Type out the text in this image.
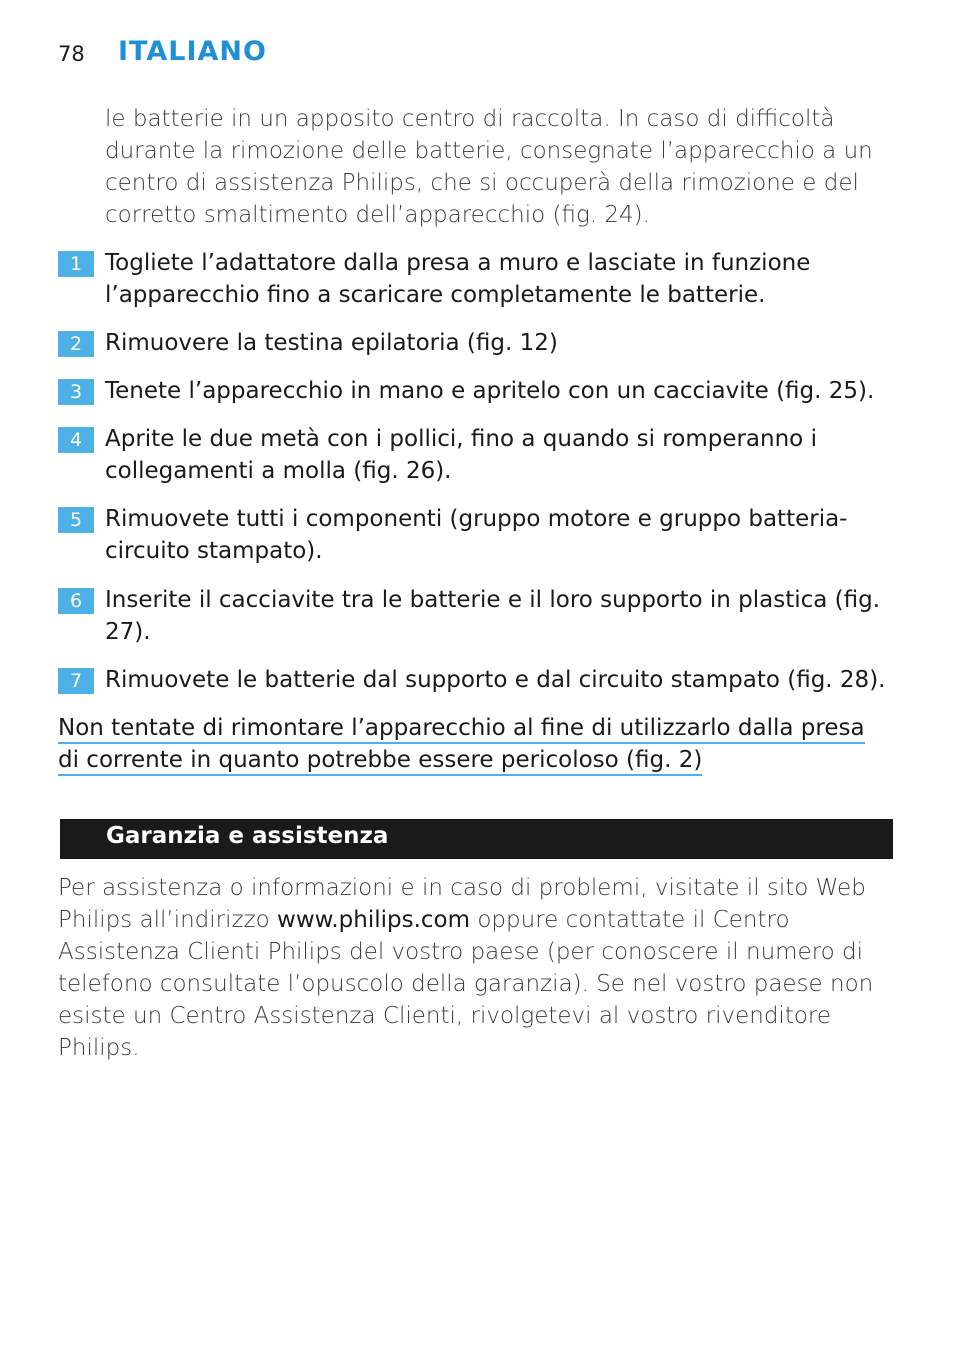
78 ITALIANO
le batterie in un apposito centro di raccolta. In caso di difficoltà durante la rimozione delle batterie, consegnate l’apparecchio a un centro di assistenza Philips, che si occuperà della rimozione e del corretto smaltimento dell’apparecchio (fig. 24).
1 Togliete l’adattatore dalla presa a muro e lasciate in funzione l’apparecchio fino a scaricare completamente le batterie.
2 Rimuovere la testina epilatoria (fig. 12)
3 Tenete l’apparecchio in mano e apritelo con un cacciavite (fig. 25).
4 Aprite le due metà con i pollici, fino a quando si romperanno i collegamenti a molla (fig. 26).
5 Rimuovete tutti i componenti (gruppo motore e gruppo batteria-circuito stampato).
6 Inserite il cacciavite tra le batterie e il loro supporto in plastica (fig. 27).
7 Rimuovete le batterie dal supporto e dal circuito stampato (fig. 28).
Non tentate di rimontare l’apparecchio al fine di utilizzarlo dalla presa
di corrente in quanto potrebbe essere pericoloso (fig. 2)
Garanzia e assistenza
Per assistenza o informazioni e in caso di problemi, visitate il sito Web Philips all’indirizzo www.philips.com oppure contattate il Centro Assistenza Clienti Philips del vostro paese (per conoscere il numero di telefono consultate l’opuscolo della garanzia). Se nel vostro paese non esiste un Centro Assistenza Clienti, rivolgetevi al vostro rivenditore Philips.
